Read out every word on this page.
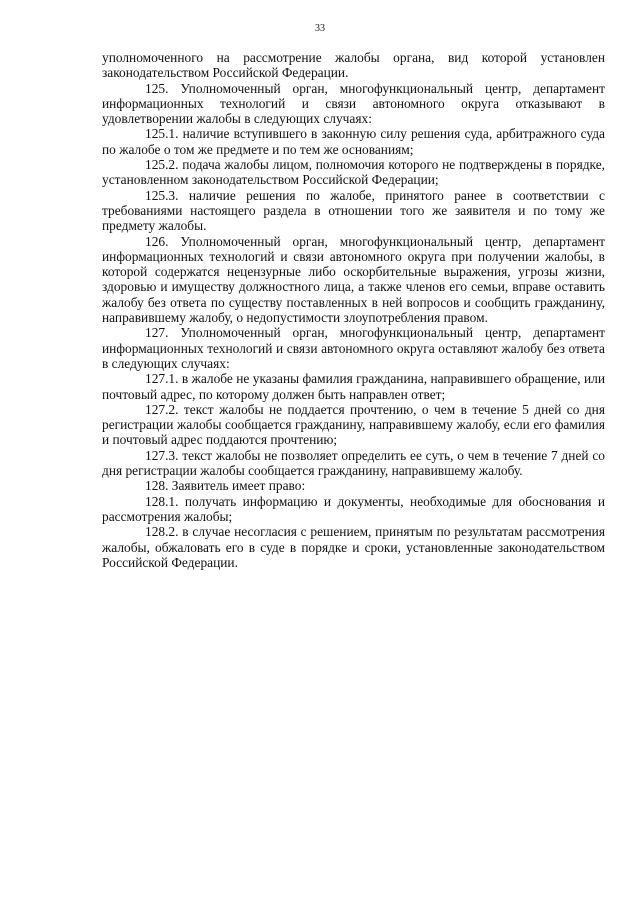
33

уполномоченного на рассмотрение жалобы органа, вид которой установлен законодательством Российской Федерации.

125. Уполномоченный орган, многофункциональный центр, департамент информационных технологий и связи автономного округа отказывают в удовлетворении жалобы в следующих случаях:

125.1. наличие вступившего в законную силу решения суда, арбитражного суда по жалобе о том же предмете и по тем же основаниям;

125.2. подача жалобы лицом, полномочия которого не подтверждены в порядке, установленном законодательством Российской Федерации;

125.3. наличие решения по жалобе, принятого ранее в соответствии с требованиями настоящего раздела в отношении того же заявителя и по тому же предмету жалобы.

126. Уполномоченный орган, многофункциональный центр, департамент информационных технологий и связи автономного округа при получении жалобы, в которой содержатся нецензурные либо оскорбительные выражения, угрозы жизни, здоровью и имуществу должностного лица, а также членов его семьи, вправе оставить жалобу без ответа по существу поставленных в ней вопросов и сообщить гражданину, направившему жалобу, о недопустимости злоупотребления правом.

127. Уполномоченный орган, многофункциональный центр, департамент информационных технологий и связи автономного округа оставляют жалобу без ответа в следующих случаях:

127.1. в жалобе не указаны фамилия гражданина, направившего обращение, или почтовый адрес, по которому должен быть направлен ответ;

127.2. текст жалобы не поддается прочтению, о чем в течение 5 дней со дня регистрации жалобы сообщается гражданину, направившему жалобу, если его фамилия и почтовый адрес поддаются прочтению;

127.3. текст жалобы не позволяет определить ее суть, о чем в течение 7 дней со дня регистрации жалобы сообщается гражданину, направившему жалобу.

128. Заявитель имеет право:

128.1. получать информацию и документы, необходимые для обоснования и рассмотрения жалобы;

128.2. в случае несогласия с решением, принятым по результатам рассмотрения жалобы, обжаловать его в суде в порядке и сроки, установленные законодательством Российской Федерации.
